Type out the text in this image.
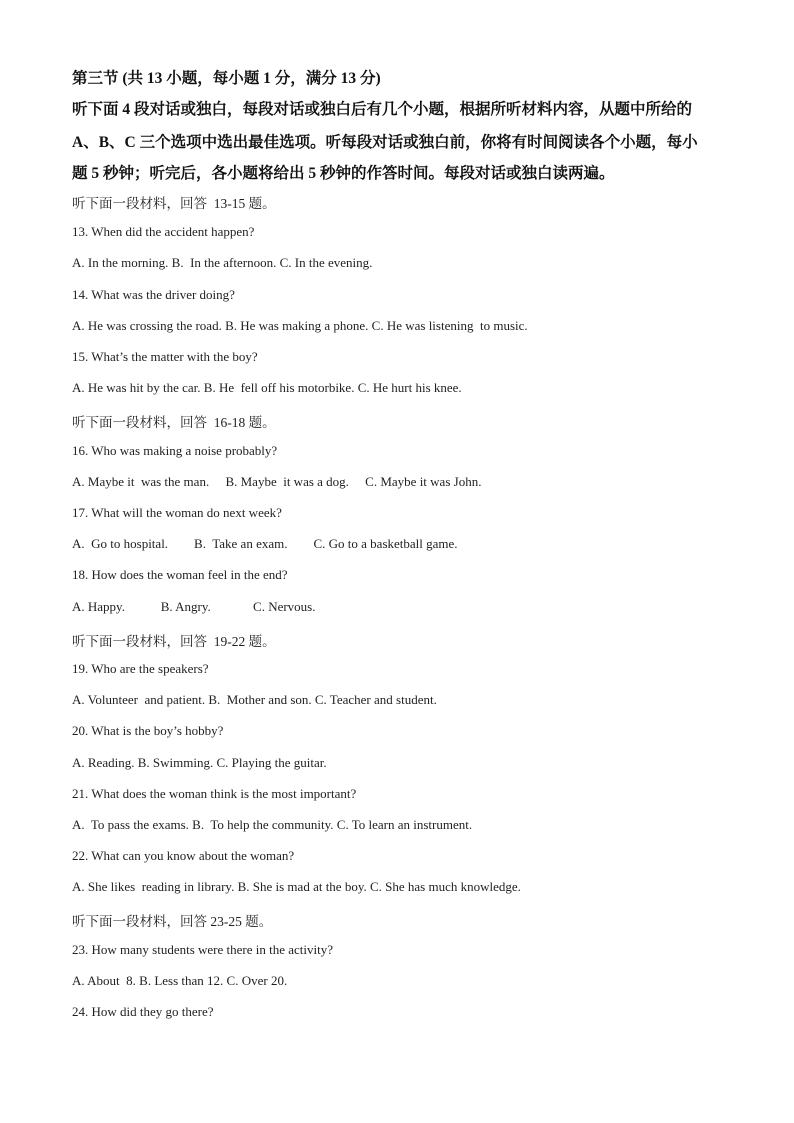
第三节 (共 13 小题，每小题 1 分，满分 13 分)
听下面 4 段对话或独白，每段对话或独白后有几个小题，根据所听材料内容，从题中所给的
A、B、C 三个选项中选出最佳选项。听每段对话或独白前，你将有时间阅读各个小题，每小
题 5 秒钟；听完后，各小题将给出 5 秒钟的作答时间。每段对话或独白读两遍。
听下面一段材料，回答  13-15 题。
13. When did the accident happen?
A. In the morning. B.  In the afternoon. C. In the evening.
14. What was the driver doing?
A. He was crossing the road. B. He was making a phone. C. He was listening  to music.
15. What’s the matter with the boy?
A. He was hit by the car. B. He  fell off his motorbike. C. He hurt his knee.
听下面一段材料，回答  16-18 题。
16. Who was making a noise probably?
A. Maybe it  was the man.     B. Maybe  it was a dog.     C. Maybe it was John.
17. What will the woman do next week?
A.  Go to hospital.        B.  Take an exam.        C. Go to a basketball game.
18. How does the woman feel in the end?
A. Happy.           B. Angry.             C. Nervous.
听下面一段材料，回答  19-22 题。
19. Who are the speakers?
A. Volunteer  and patient. B.  Mother and son. C. Teacher and student.
20. What is the boy’s hobby?
A. Reading. B. Swimming. C. Playing the guitar.
21. What does the woman think is the most important?
A.  To pass the exams. B.  To help the community. C. To learn an instrument.
22. What can you know about the woman?
A. She likes  reading in library. B. She is mad at the boy. C. She has much knowledge.
听下面一段材料，回答 23-25 题。
23. How many students were there in the activity?
A. About  8. B. Less than 12. C. Over 20.
24. How did they go there?
